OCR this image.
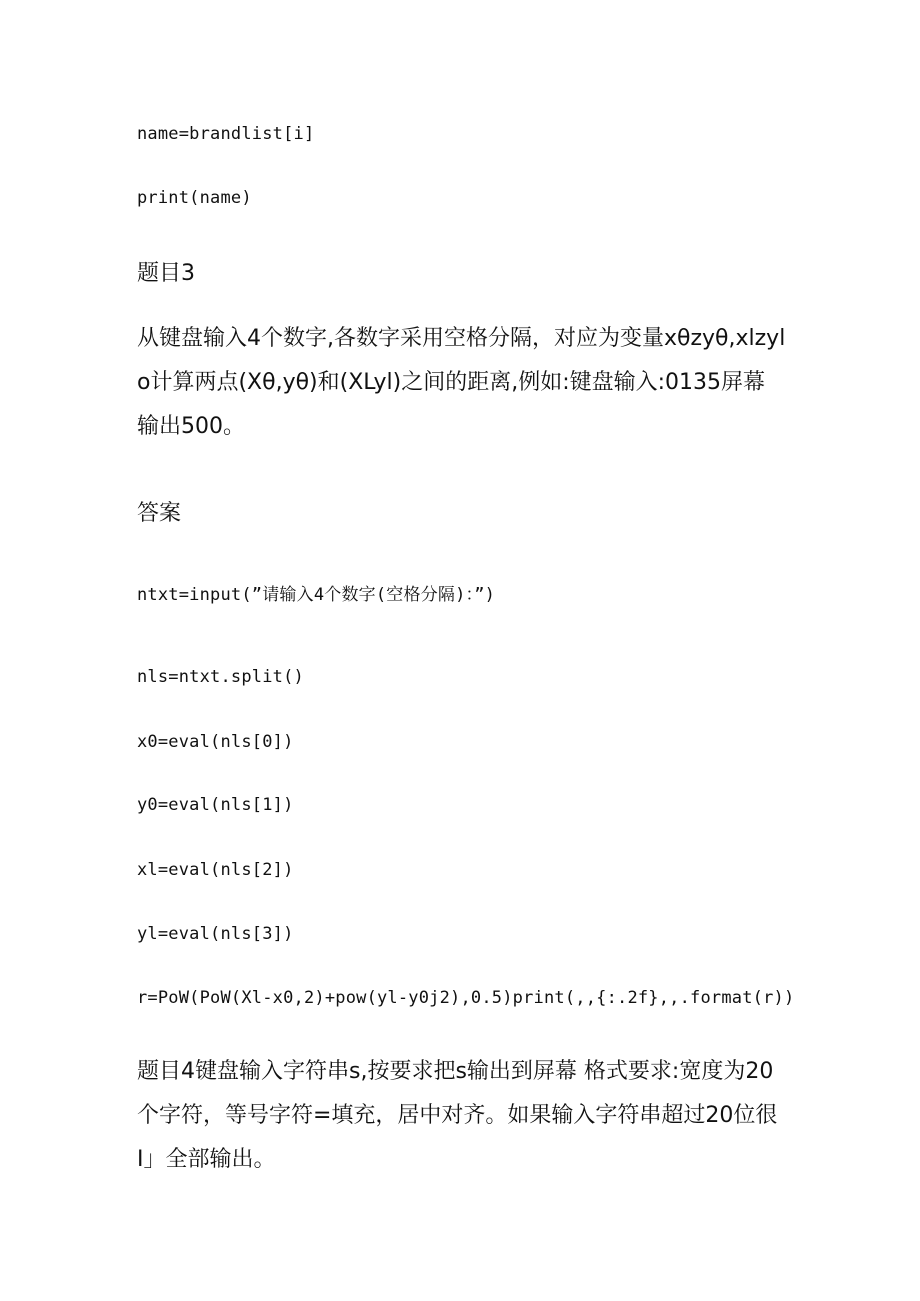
name=brandlist[i]

print(name)

题目3

从键盘输入4个数字,各数字采用空格分隔，对应为变量xθzyθ,xlzylo计算两点(Xθ,yθ)和(XLyl)之间的距离,例如:键盘输入:0135屏幕输出500。

答案

ntxt=input(”请输入4个数字(空格分隔)：”)

nls=ntxt.split()

x0=eval(nls[0])

y0=eval(nls[1])

xl=eval(nls[2])

yl=eval(nls[3])

r=PoW(PoW(Xl-x0,2)+pow(yl-y0j2),0.5)print(,,{:.2f},,.format(r))

题目4键盘输入字符串s,按要求把s输出到屏幕 格式要求:宽度为20个字符，等号字符=填充，居中对齐。如果输入字符串超过20位很I」全部输出。
